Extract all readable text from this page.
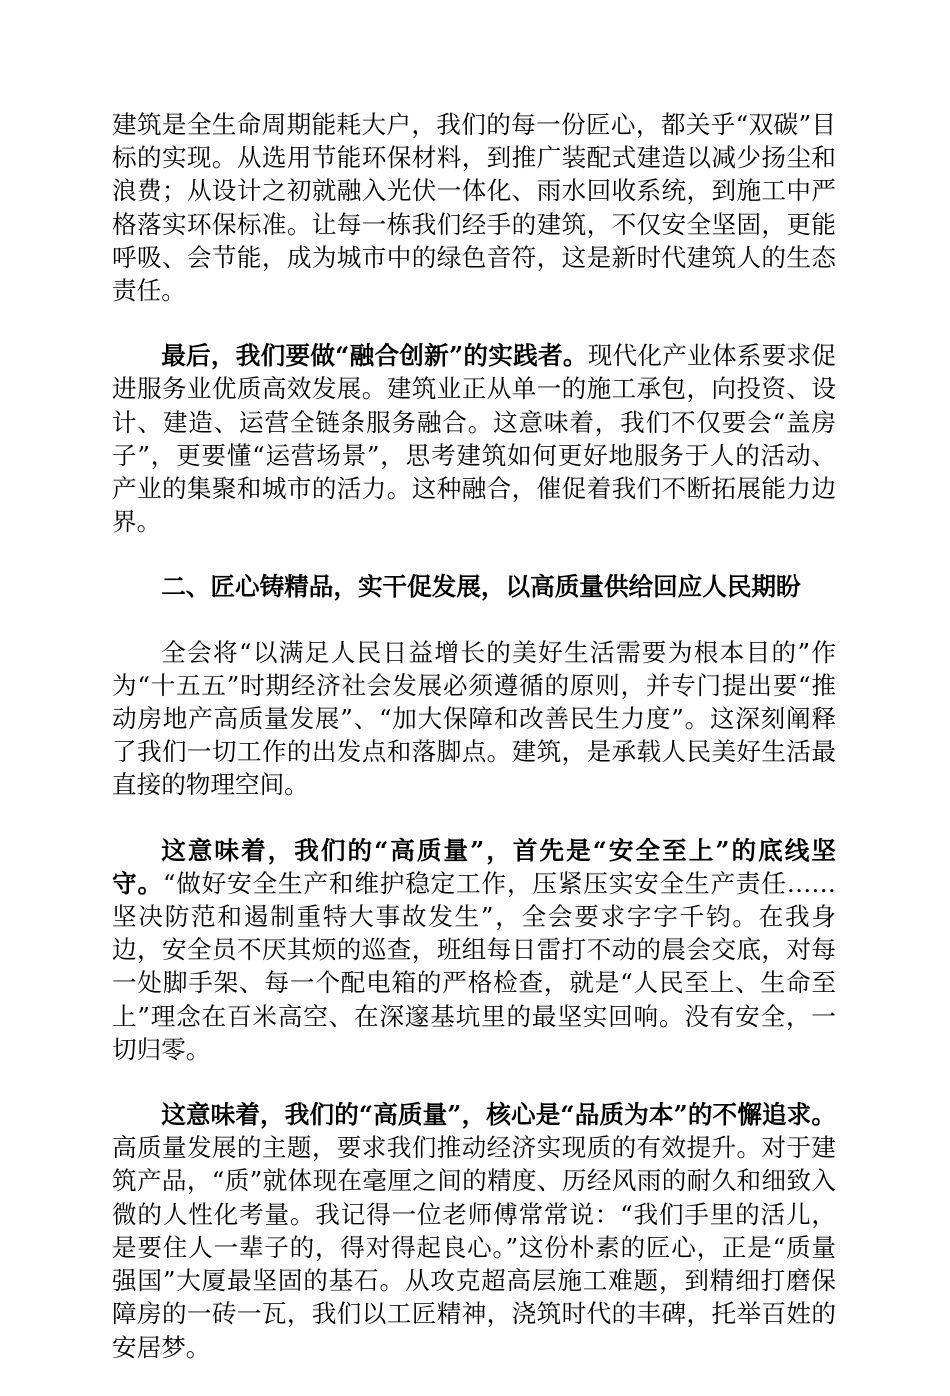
建筑是全生命周期能耗大户，我们的每一份匠心，都关乎“双碳”目标的实现。从选用节能环保材料，到推广装配式建造以减少扬尘和浪费；从设计之初就融入光伏一体化、雨水回收系统，到施工中严格落实环保标准。让每一栋我们经手的建筑，不仅安全坚固，更能呼吸、会节能，成为城市中的绿色音符，这是新时代建筑人的生态责任。

最后，我们要做“融合创新”的实践者。现代化产业体系要求促进服务业优质高效发展。建筑业正从单一的施工承包，向投资、设计、建造、运营全链条服务融合。这意味着，我们不仅要会“盖房子”，更要懂“运营场景”，思考建筑如何更好地服务于人的活动、产业的集聚和城市的活力。这种融合，催促着我们不断拓展能力边界。

二、匠心铸精品，实干促发展，以高质量供给回应人民期盼

全会将“以满足人民日益增长的美好生活需要为根本目的”作为“十五五”时期经济社会发展必须遵循的原则，并专门提出要“推动房地产高质量发展”、“加大保障和改善民生力度”。这深刻阐释了我们一切工作的出发点和落脚点。建筑，是承载人民美好生活最直接的物理空间。

这意味着，我们的“高质量”，首先是“安全至上”的底线坚守。“做好安全生产和维护稳定工作，压紧压实安全生产责任……坚决防范和遏制重特大事故发生”，全会要求字字千钧。在我身边，安全员不厌其烦的巡查，班组每日雷打不动的晨会交底，对每一处脚手架、每一个配电箱的严格检查，就是“人民至上、生命至上”理念在百米高空、在深邃基坑里的最坚实回响。没有安全，一切归零。

这意味着，我们的“高质量”，核心是“品质为本”的不懈追求。高质量发展的主题，要求我们推动经济实现质的有效提升。对于建筑产品，“质”就体现在毫厘之间的精度、历经风雨的耐久和细致入微的人性化考量。我记得一位老师傅常常说：“我们手里的活儿，是要住人一辈子的，得对得起良心。”这份朴素的匠心，正是“质量强国”大厦最坚固的基石。从攻克超高层施工难题，到精细打磨保障房的一砖一瓦，我们以工匠精神，浇筑时代的丰碑，托举百姓的安居梦。
